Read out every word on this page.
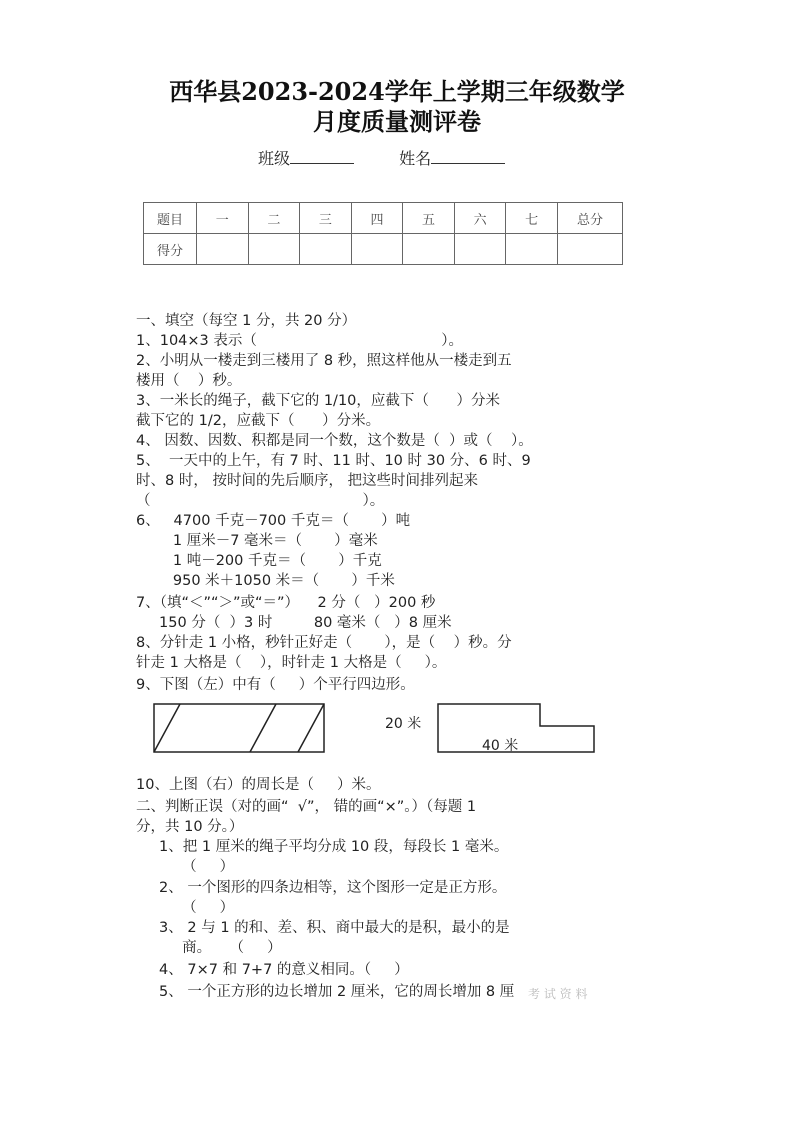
西华县2023-2024学年上学期三年级数学
月度质量测评卷
班级	姓名
题目	一	二	三	四	五	六	七	总分
得分								
一、填空（每空 1 分，共 20 分）
1、104×3 表示（                                        ）。
2、小明从一楼走到三楼用了 8 秒，照这样他从一楼走到五
楼用（    ）秒。
3、一米长的绳子，截下它的 1/10，应截下（      ）分米
截下它的 1/2，应截下（      ）分米。
4、 因数、因数、积都是同一个数，这个数是（  ）或（    ）。
5、  一天中的上午，有 7 时、11 时、10 时 30 分、6 时、9
时、8 时， 按时间的先后顺序， 把这些时间排列起来
（                                              ）。
6、   4700 千克－700 千克＝（       ）吨
1 厘米－7 毫米＝（       ）毫米
1 吨－200 千克＝（       ）千克
950 米＋1050 米＝（       ）千米
7、（填“＜”“＞”或“＝”）    2 分（   ）200 秒
150 分（  ）3 时         80 毫米（   ）8 厘米
8、分针走 1 小格，秒针正好走（       ），是（    ）秒。分
针走 1 大格是（    ），时针走 1 大格是（     ）。
9、下图（左）中有（     ）个平行四边形。
20 米
40 米
10、上图（右）的周长是（     ）米。
二、判断正误（对的画“  √”， 错的画“×”。）（每题 1
分，共 10 分。）
1、把 1 厘米的绳子平均分成 10 段，每段长 1 毫米。
（     ）
2、 一个图形的四条边相等，这个图形一定是正方形。
（     ）
3、 2 与 1 的和、差、积、商中最大的是积，最小的是
商。    （     ）
4、 7×7 和 7+7 的意义相同。（     ）
5、 一个正方形的边长增加 2 厘米，它的周长增加 8 厘 考 试 资 料
